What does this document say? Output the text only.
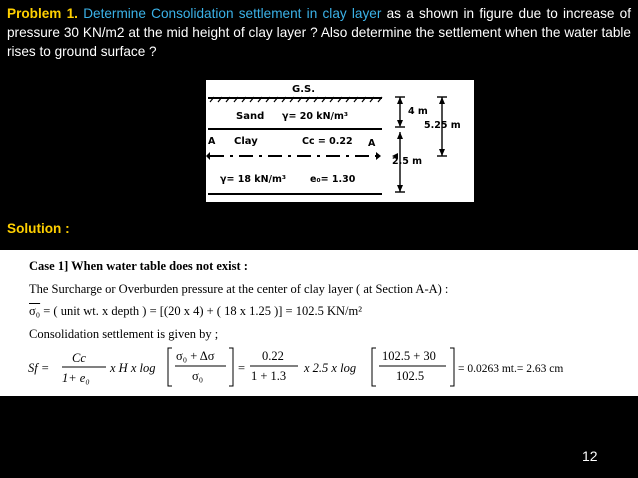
Problem 1. Determine Consolidation settlement in clay layer as a shown in figure due to increase of pressure 30 KN/m2 at the mid height of clay layer ? Also determine the settlement when the water table rises to ground surface ?

G.S.
Sand γ= 20 kN/m³
A Clay	Cc = 0.22 A
γ= 18 kN/m³	e₀= 1.30
4 m
2.5 m
5.25 m

Solution :

Case 1] When water table does not exist :

The Surcharge or Overburden pressure at the center of clay layer ( at Section A-A) :

σ₀ = ( unit wt. x depth ) = [(20 x 4) + ( 18 x 1.25 )] = 102.5 KN/m²

Consolidation settlement is given by ;

Sf =
Cc
1+ e₀
x H x log
σ₀ + Δσ
σ₀
=
0.22
1 + 1.3
x 2.5 x log
102.5 + 30
102.5	= 0.0263 mt.= 2.63 cm
12
